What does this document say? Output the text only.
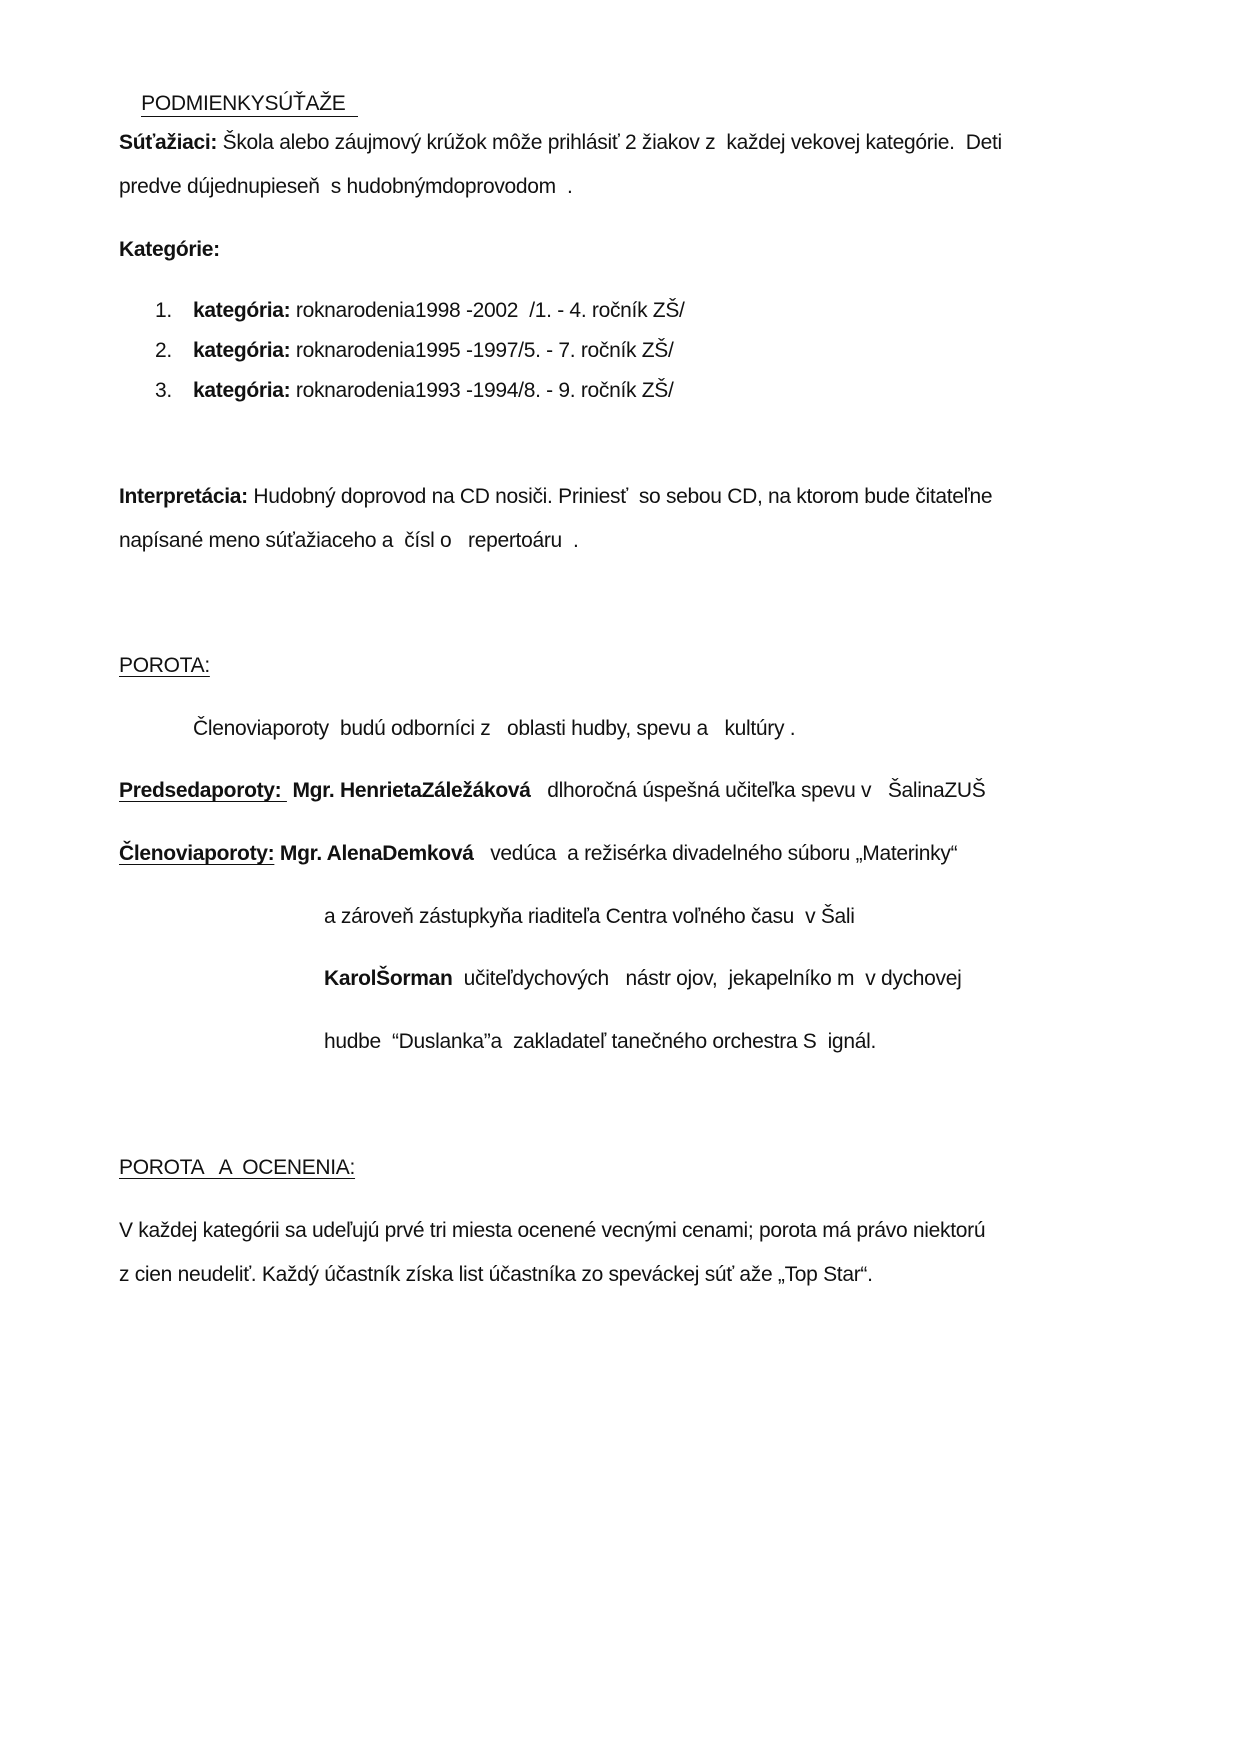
PODMIENKYSÚŤAŽE

Súťažiaci: Škola alebo záujmový krúžok môže prihlásiť 2 žiakov z  každej vekovej kategórie.  Deti
predve dújednupieseň  s hudobnýmdoprovodom  .
Kategórie:
1. kategória: roknarodenia1998 -2002  /1. - 4. ročník ZŠ/
2. kategória: roknarodenia1995 -1997/5. - 7. ročník ZŠ/
3. kategória: roknarodenia1993 -1994/8. - 9. ročník ZŠ/
Interpretácia: Hudobný doprovod na CD nosiči. Priniesť  so sebou CD, na ktorom bude čitateľne
napísané meno súťažiaceho a  čísl o   repertoáru  .
POROTA:
Členoviaporoty  budú odborníci z   oblasti hudby, spevu a   kultúry .
Predsedaporoty:  Mgr. HenrietaZáležáková   dlhoročná úspešná učiteľka spevu v   ŠalinaZUŠ
Členoviaporoty: Mgr. AlenaDemková   vedúca  a režisérka divadelného súboru „Materinky“
a zároveň zástupkyňa riaditeľa Centra voľného času  v Šali
KarolŠorman  učiteľdychových   nástr ojov,  jekapelníko m  v dychovej
hudbe  “Duslanka”a  zakladateľ tanečného orchestra S  ignál.
POROTA   A  OCENENIA:
V každej kategórii sa udeľujú prvé tri miesta ocenené vecnými cenami; porota má právo niektorú
z cien neudeliť. Každý účastník získa list účastníka zo speváckej súť aže „Top Star“.
